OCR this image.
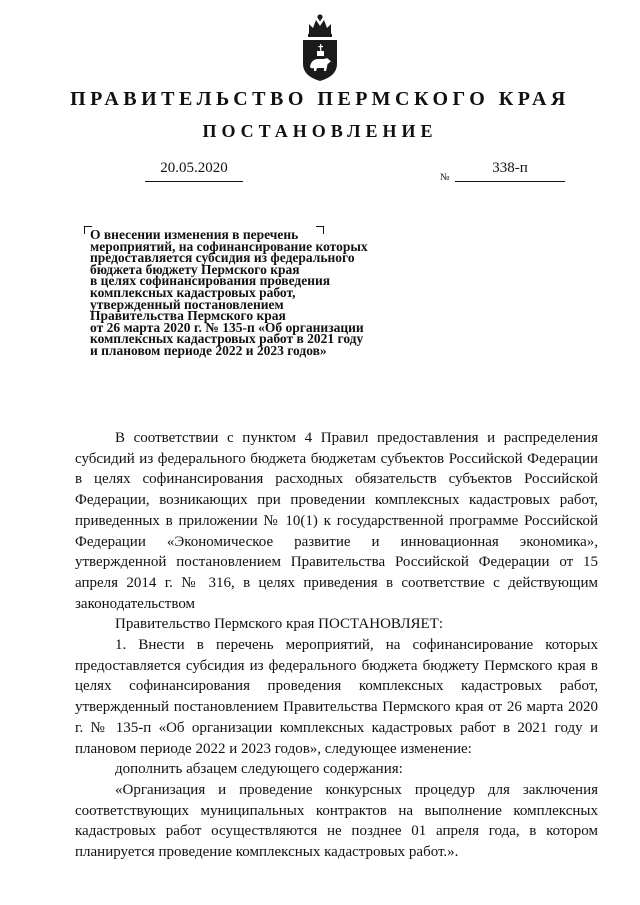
ПРАВИТЕЛЬСТВО ПЕРМСКОГО КРАЯ
ПОСТАНОВЛЕНИЕ
20.05.2020
№
338-п
О внесении изменения в перечень
мероприятий, на софинансирование которых
предоставляется субсидия из федерального
бюджета бюджету Пермского края
в целях софинансирования проведения
комплексных кадастровых работ,
утвержденный постановлением
Правительства Пермского края
от 26 марта 2020 г. № 135-п «Об организации
комплексных кадастровых работ в 2021 году
и плановом периоде 2022 и 2023 годов»

В соответствии с пунктом 4 Правил предоставления и распределения субсидий из федерального бюджета бюджетам субъектов Российской Федерации в целях софинансирования расходных обязательств субъектов Российской Федерации, возникающих при проведении комплексных кадастровых работ, приведенных в приложении № 10(1) к государственной программе Российской Федерации «Экономическое развитие и инновационная экономика», утвержденной постановлением Правительства Российской Федерации от 15 апреля 2014 г. № 316, в целях приведения в соответствие с действующим законодательством

Правительство Пермского края ПОСТАНОВЛЯЕТ:

1. Внести в перечень мероприятий, на софинансирование которых предоставляется субсидия из федерального бюджета бюджету Пермского края в целях софинансирования проведения комплексных кадастровых работ, утвержденный постановлением Правительства Пермского края от 26 марта 2020 г. № 135-п «Об организации комплексных кадастровых работ в 2021 году и плановом периоде 2022 и 2023 годов», следующее изменение:

дополнить абзацем следующего содержания:

«Организация и проведение конкурсных процедур для заключения соответствующих муниципальных контрактов на выполнение комплексных кадастровых работ осуществляются не позднее 01 апреля года, в котором планируется проведение комплексных кадастровых работ.».
